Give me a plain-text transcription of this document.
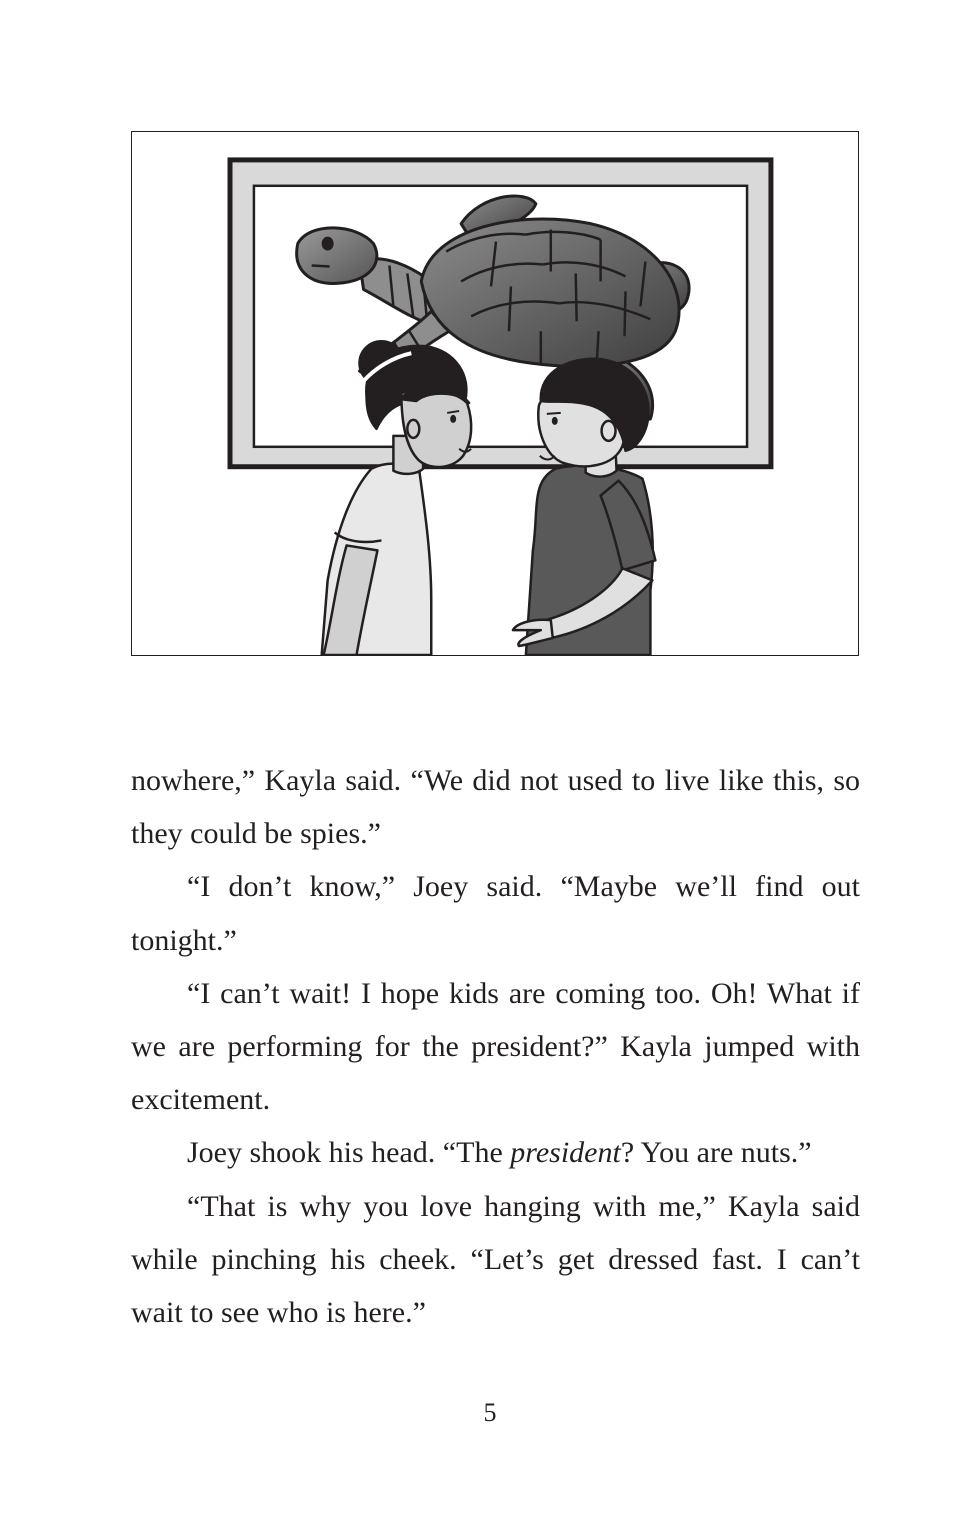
nowhere,” Kayla said. “We did not used to live like this, so they could be spies.”

“I don’t know,” Joey said. “Maybe we’ll find out tonight.”

“I can’t wait! I hope kids are coming too. Oh! What if we are performing for the president?” Kayla jumped with excitement.

Joey shook his head. “The president? You are nuts.”

“That is why you love hanging with me,” Kayla said while pinching his cheek. “Let’s get dressed fast. I can’t wait to see who is here.”

5
